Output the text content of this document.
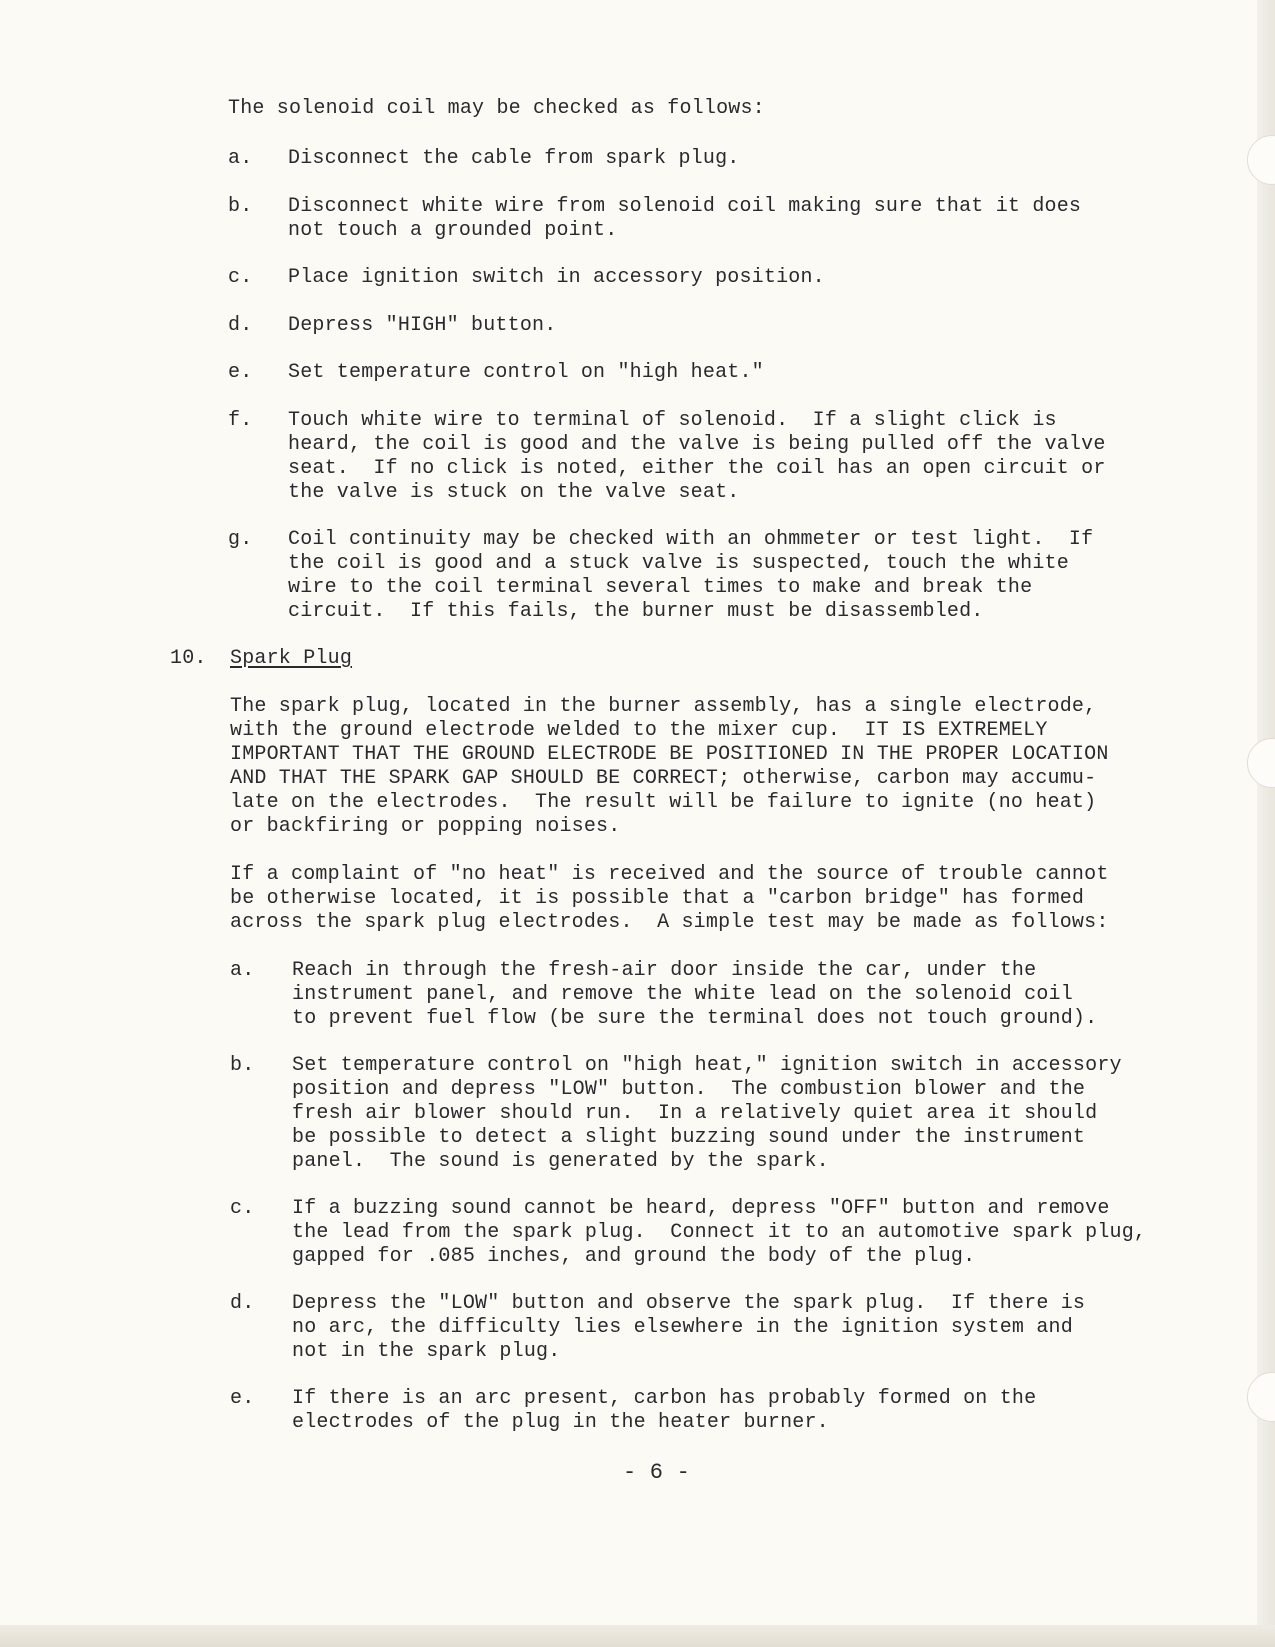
The solenoid coil may be checked as follows:
a. Disconnect the cable from spark plug.
b. Disconnect white wire from solenoid coil making sure that it does
not touch a grounded point.
c. Place ignition switch in accessory position.
d. Depress "HIGH" button.
e. Set temperature control on "high heat."
f. Touch white wire to terminal of solenoid.  If a slight click is
heard, the coil is good and the valve is being pulled off the valve
seat.  If no click is noted, either the coil has an open circuit or
the valve is stuck on the valve seat.
g. Coil continuity may be checked with an ohmmeter or test light.  If
the coil is good and a stuck valve is suspected, touch the white
wire to the coil terminal several times to make and break the
circuit.  If this fails, the burner must be disassembled.
10. Spark Plug
The spark plug, located in the burner assembly, has a single electrode,
with the ground electrode welded to the mixer cup.  IT IS EXTREMELY
IMPORTANT THAT THE GROUND ELECTRODE BE POSITIONED IN THE PROPER LOCATION
AND THAT THE SPARK GAP SHOULD BE CORRECT; otherwise, carbon may accumu-
late on the electrodes.  The result will be failure to ignite (no heat)
or backfiring or popping noises.
If a complaint of "no heat" is received and the source of trouble cannot
be otherwise located, it is possible that a "carbon bridge" has formed
across the spark plug electrodes.  A simple test may be made as follows:
a. Reach in through the fresh-air door inside the car, under the
instrument panel, and remove the white lead on the solenoid coil
to prevent fuel flow (be sure the terminal does not touch ground).
b. Set temperature control on "high heat," ignition switch in accessory
position and depress "LOW" button.  The combustion blower and the
fresh air blower should run.  In a relatively quiet area it should
be possible to detect a slight buzzing sound under the instrument
panel.  The sound is generated by the spark.
c. If a buzzing sound cannot be heard, depress "OFF" button and remove
the lead from the spark plug.  Connect it to an automotive spark plug,
gapped for .085 inches, and ground the body of the plug.
d. Depress the "LOW" button and observe the spark plug.  If there is
no arc, the difficulty lies elsewhere in the ignition system and
not in the spark plug.
e. If there is an arc present, carbon has probably formed on the
electrodes of the plug in the heater burner.
- 6 -
